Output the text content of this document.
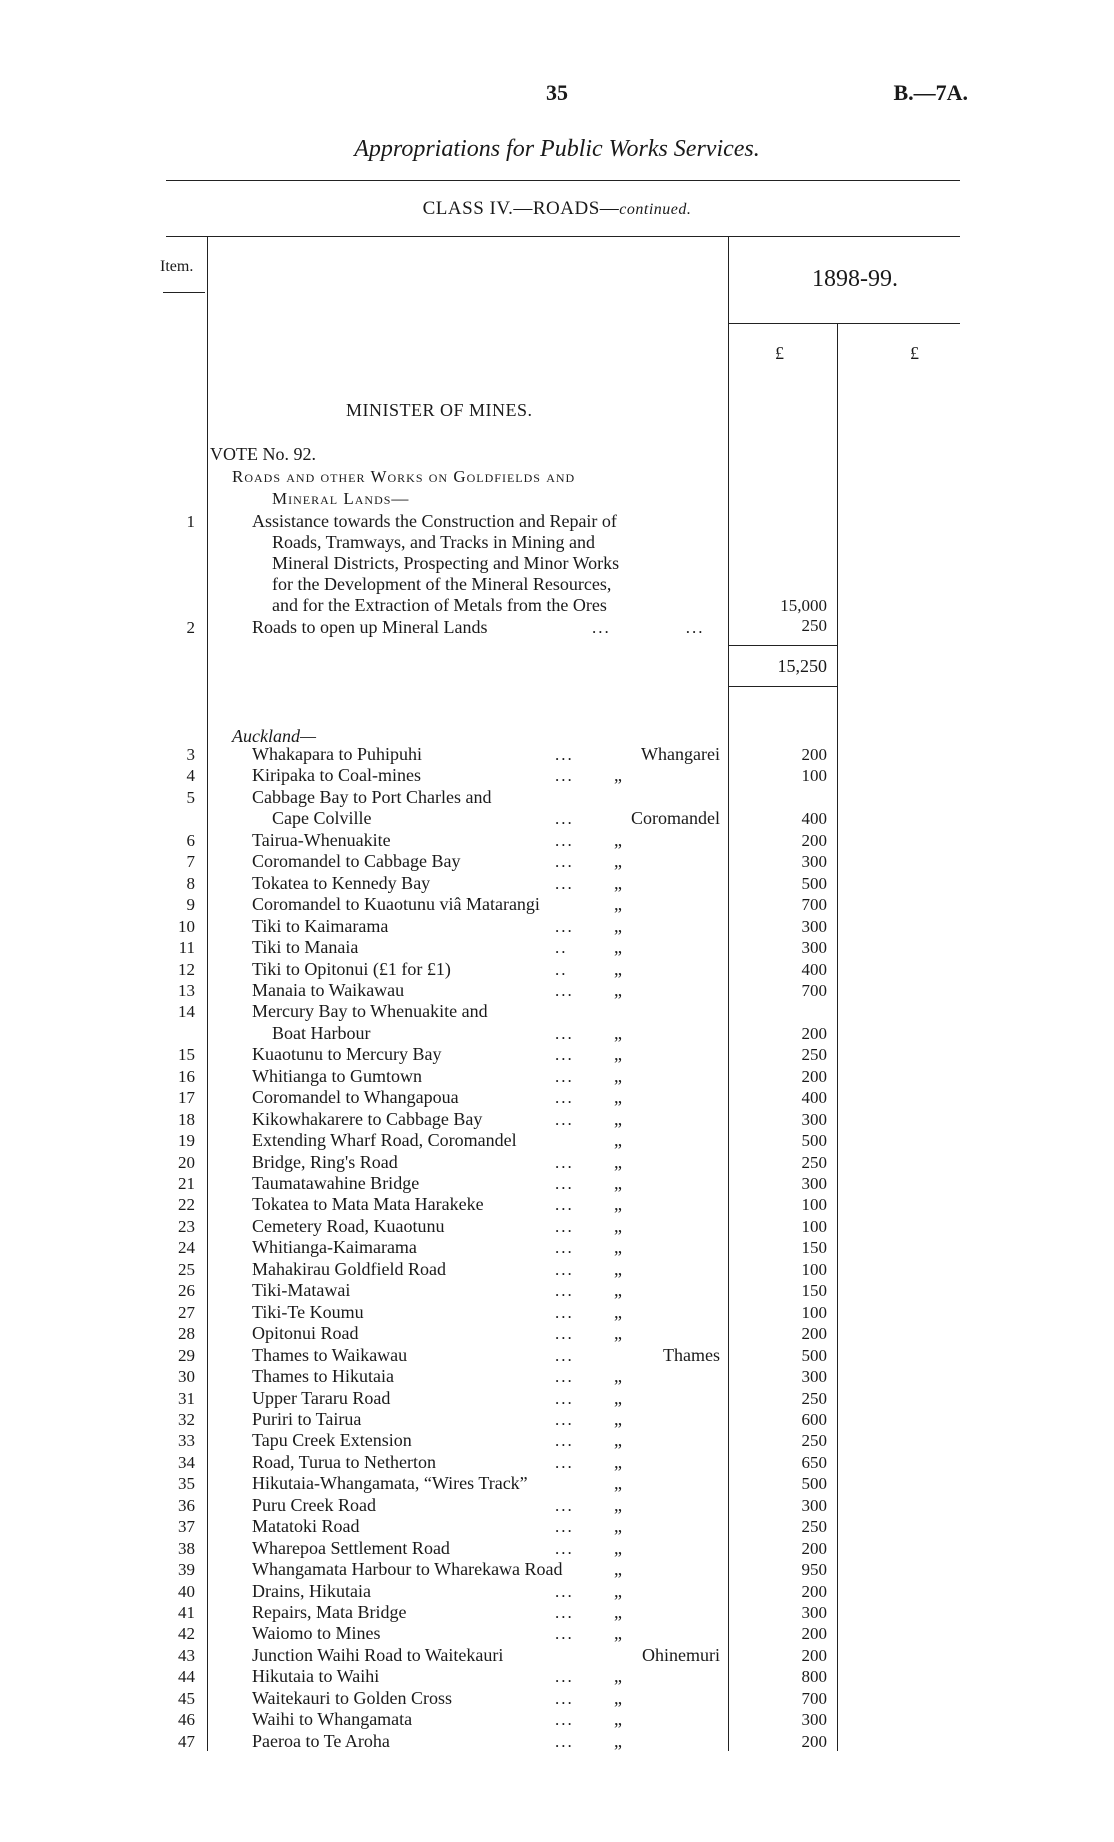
35	B.—7A.
Appropriations for Public Works Services.
CLASS IV.—ROADS—continued.
Item.	1898-99.
£	£
MINISTER OF MINES.
VOTE No. 92.
Roads and other Works on Goldfields and
Mineral Lands—
1	Assistance towards the Construction and Repair of
Roads, Tramways, and Tracks in Mining and
Mineral Districts, Prospecting and Minor Works
for the Development of the Mineral Resources,
and for the Extraction of Metals from the Ores	15,000
2	Roads to open up Mineral Lands	...            ...	250
15,250
Auckland—
3	Whakapara to Puhipuhi	...	Whangarei	200
4	Kiripaka to Coal-mines	...	„	100
5	Cabbage Bay to Port Charles and
Cape Colville	...	Coromandel	400
6	Tairua-Whenuakite	...	„	200
7	Coromandel to Cabbage Bay	...	„	300
8	Tokatea to Kennedy Bay	...	„	500
9	Coromandel to Kuaotunu viâ Matarangi	„	700
10	Tiki to Kaimarama	...	„	300
11	Tiki to Manaia	..	„	300
12	Tiki to Opitonui (£1 for £1)	..	„	400
13	Manaia to Waikawau	...	„	700
14	Mercury Bay to Whenuakite and
Boat Harbour	...	„	200
15	Kuaotunu to Mercury Bay	...	„	250
16	Whitianga to Gumtown	...	„	200
17	Coromandel to Whangapoua	...	„	400
18	Kikowhakarere to Cabbage Bay	...	„	300
19	Extending Wharf Road, Coromandel	„	500
20	Bridge, Ring's Road	...	„	250
21	Taumatawahine Bridge	...	„	300
22	Tokatea to Mata Mata Harakeke	...	„	100
23	Cemetery Road, Kuaotunu	...	„	100
24	Whitianga-Kaimarama	...	„	150
25	Mahakirau Goldfield Road	...	„	100
26	Tiki-Matawai	...	„	150
27	Tiki-Te Koumu	...	„	100
28	Opitonui Road	...	„	200
29	Thames to Waikawau	...	Thames	500
30	Thames to Hikutaia	...	„	300
31	Upper Tararu Road	...	„	250
32	Puriri to Tairua	...	„	600
33	Tapu Creek Extension	...	„	250
34	Road, Turua to Netherton	...	„	650
35	Hikutaia-Whangamata, “Wires Track”	„	500
36	Puru Creek Road	...	„	300
37	Matatoki Road	...	„	250
38	Wharepoa Settlement Road	...	„	200
39	Whangamata Harbour to Wharekawa Road	„	950
40	Drains, Hikutaia	...	„	200
41	Repairs, Mata Bridge	...	„	300
42	Waiomo to Mines	...	„	200
43	Junction Waihi Road to Waitekauri	Ohinemuri	200
44	Hikutaia to Waihi	...	„	800
45	Waitekauri to Golden Cross	...	„	700
46	Waihi to Whangamata	...	„	300
47	Paeroa to Te Aroha	...	„	200
